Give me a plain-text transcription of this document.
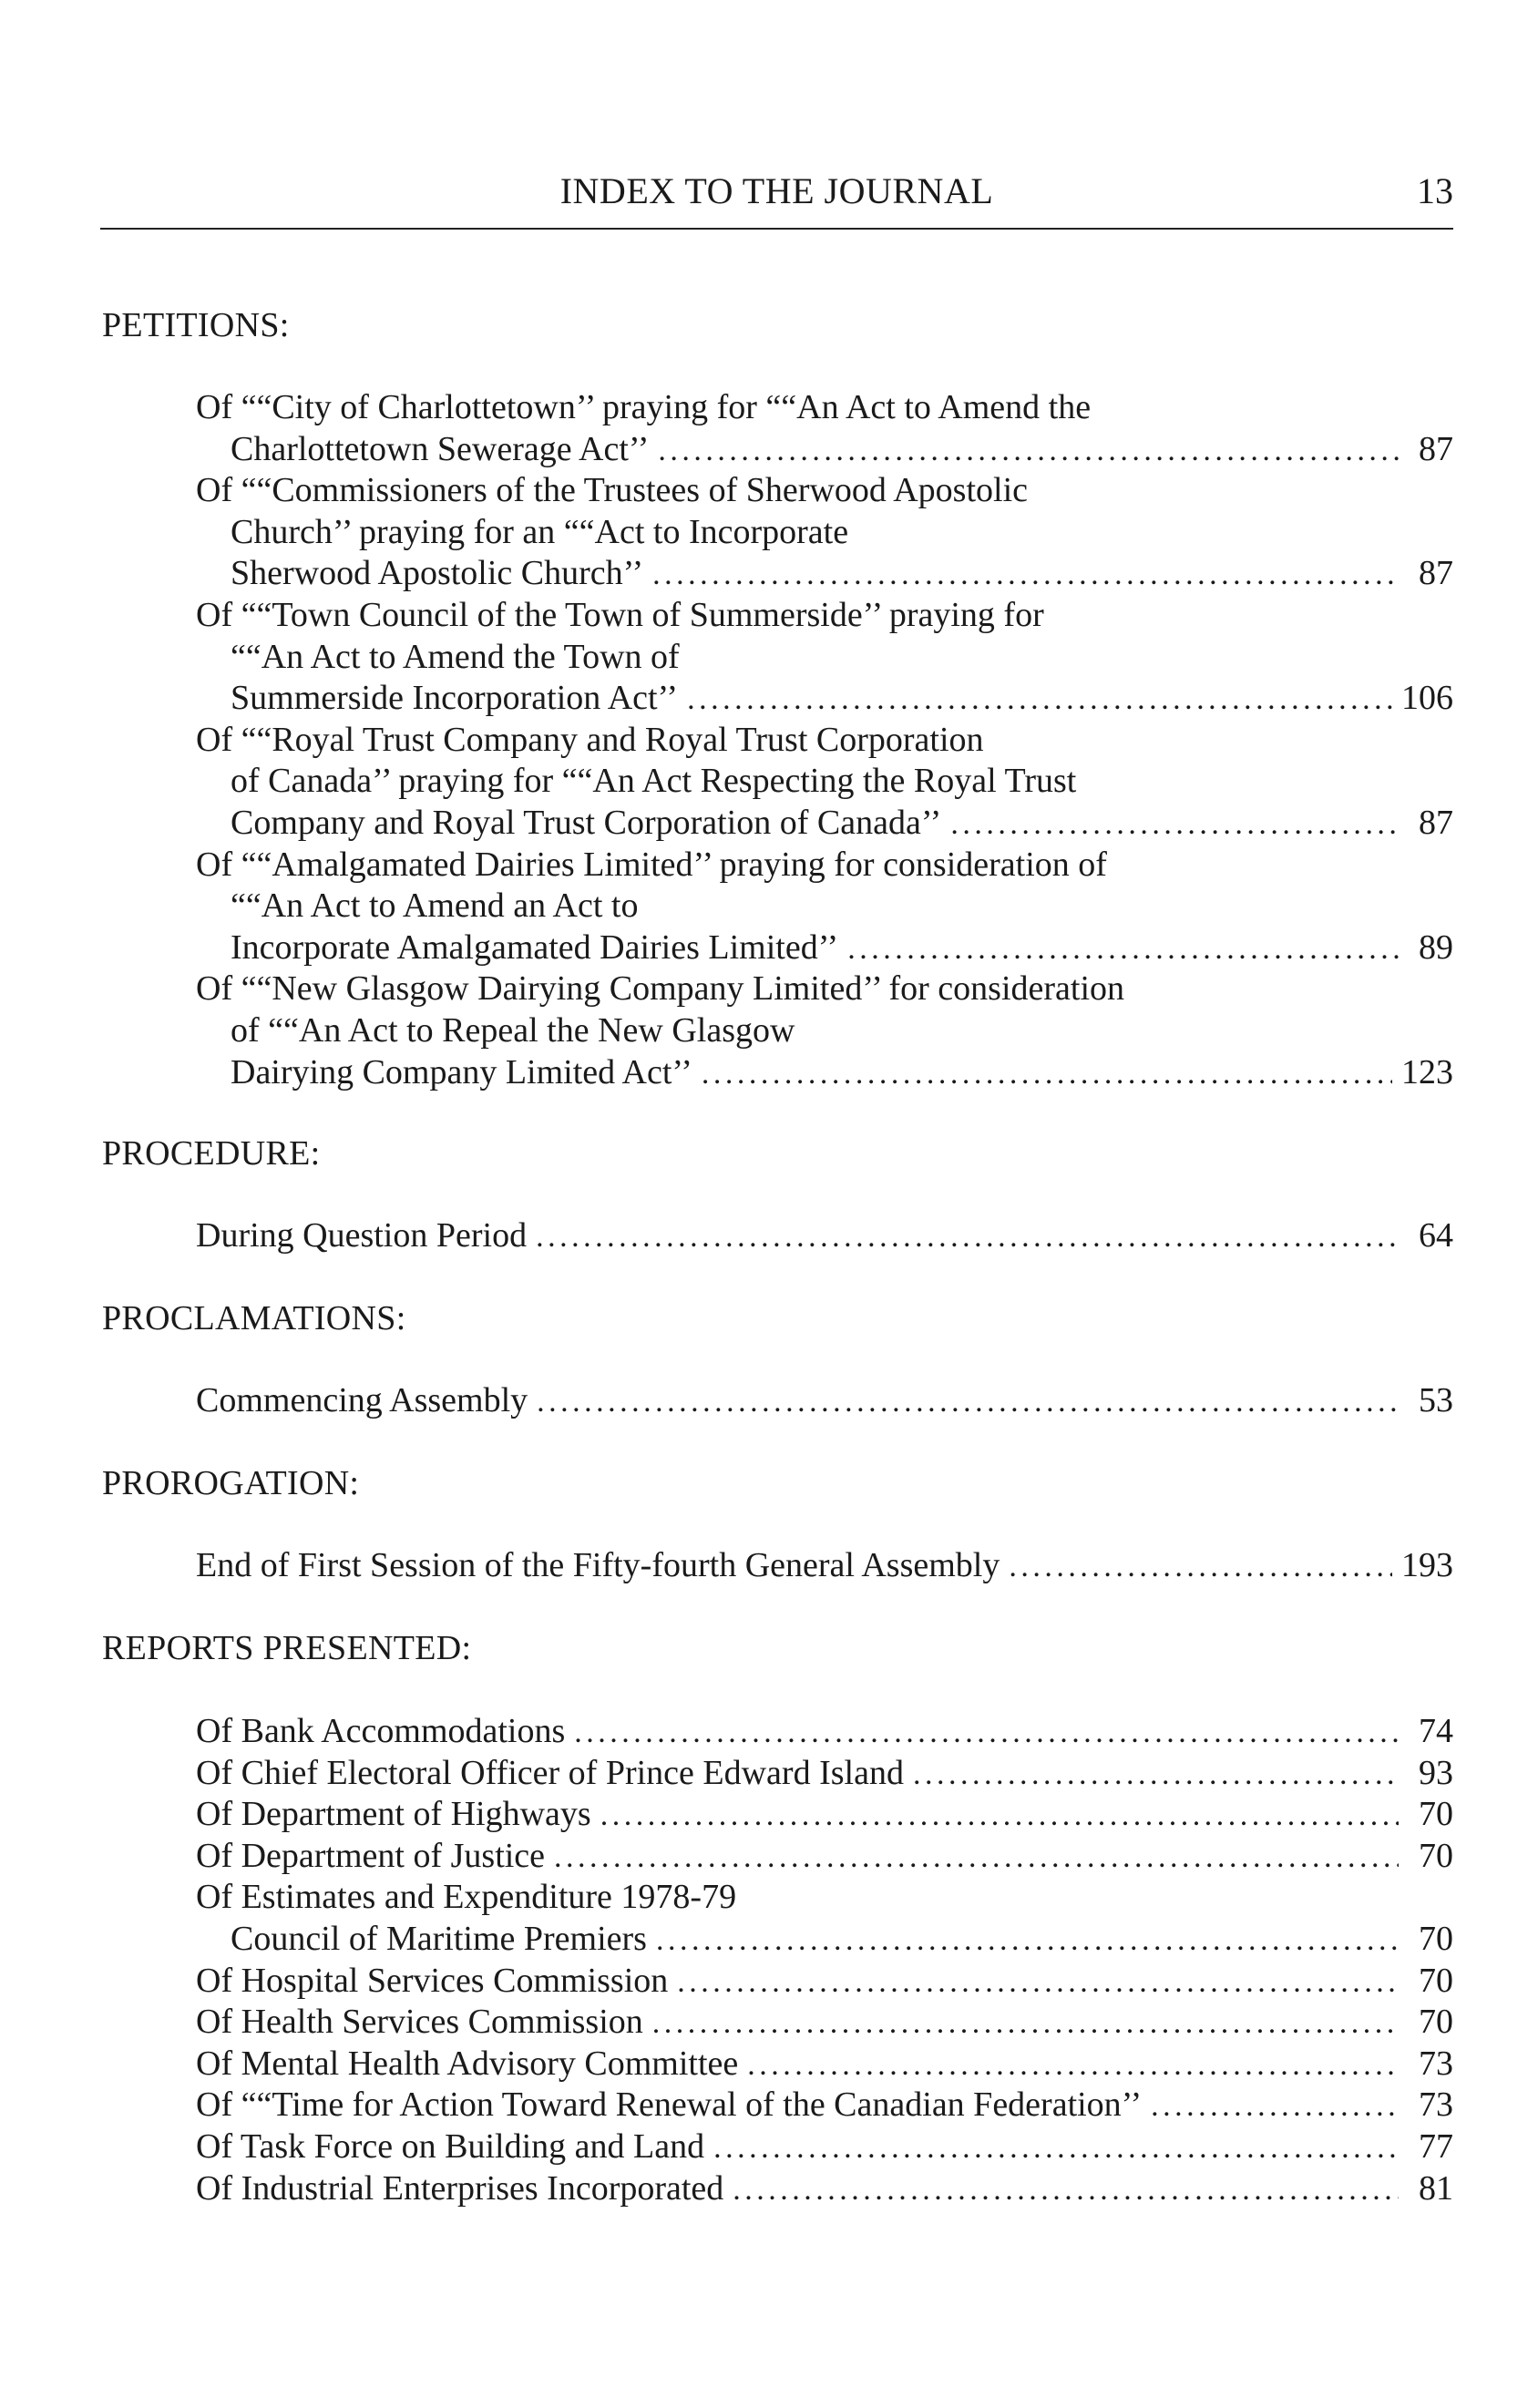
INDEX TO THE JOURNAL	13
PETITIONS:
Of ““City of Charlottetown’’ praying for ““An Act to Amend the
Charlottetown Sewerage Act’’ . . .	87
Of ““Commissioners of the Trustees of Sherwood Apostolic
Church’’ praying for an ““Act to Incorporate
Sherwood Apostolic Church’’ . . .	87
Of ““Town Council of the Town of Summerside’’ praying for
““An Act to Amend the Town of
Summerside Incorporation Act’’ . . .	106
Of ““Royal Trust Company and Royal Trust Corporation
of Canada’’ praying for ““An Act Respecting the Royal Trust
Company and Royal Trust Corporation of Canada’’ . . .	87
Of ““Amalgamated Dairies Limited’’ praying for consideration of
““An Act to Amend an Act to
Incorporate Amalgamated Dairies Limited’’ . . .	89
Of ““New Glasgow Dairying Company Limited’’ for consideration
of ““An Act to Repeal the New Glasgow
Dairying Company Limited Act’’ . . .	123
PROCEDURE:
During Question Period . . .	64
PROCLAMATIONS:
Commencing Assembly . . .	53
PROROGATION:
End of First Session of the Fifty-fourth General Assembly . . .	193
REPORTS PRESENTED:
Of Bank Accommodations . . .	74
Of Chief Electoral Officer of Prince Edward Island . . .	93
Of Department of Highways . . .	70
Of Department of Justice . . .	70
Of Estimates and Expenditure 1978-79
Council of Maritime Premiers . . .	70
Of Hospital Services Commission . . .	70
Of Health Services Commission . . .	70
Of Mental Health Advisory Committee . . .	73
Of ““Time for Action Toward Renewal of the Canadian Federation’’ . . .	73
Of Task Force on Building and Land . . .	77
Of Industrial Enterprises Incorporated . . .	81
